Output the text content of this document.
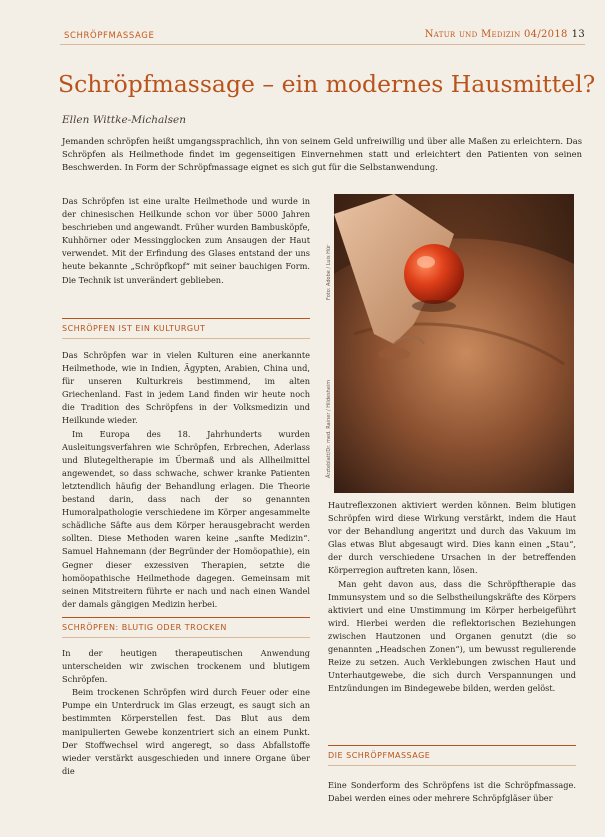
SCHRÖPFMASSAGE	Natur und Medizin 04/2018 13
Schröpfmassage – ein modernes Hausmittel?
Ellen Wittke-Michalsen
Jemanden schröpfen heißt umgangssprachlich, ihn von seinem Geld unfreiwillig und über alle Maßen zu erleichtern. Das Schröpfen als Heilmethode findet im gegenseitigen Einvernehmen statt und erleichtert den Patienten von seinen Beschwerden. In Form der Schröpfmassage eignet es sich gut für die Selbstanwendung.

Das Schröpfen ist eine uralte Heilmethode und wurde in der chinesischen Heilkunde schon vor über 5000 Jahren beschrieben und angewandt. Früher wurden Bambusköpfe, Kuhhörner oder Messingglocken zum Ansaugen der Haut verwendet. Mit der Erfindung des Glases entstand der uns heute bekannte „Schröpfkopf“ mit seiner bauchigen Form. Die Technik ist unverändert geblieben.

SCHRÖPFEN IST EIN KULTURGUT

Das Schröpfen war in vielen Kulturen eine anerkannte Heilmethode, wie in Indien, Ägypten, Arabien, China und, für unseren Kulturkreis bestimmend, im alten Griechenland. Fast in jedem Land finden wir heute noch die Tradition des Schröpfens in der Volksmedizin und Heilkunde wieder.

Im Europa des 18. Jahrhunderts wurden Ausleitungsverfahren wie Schröpfen, Erbrechen, Aderlass und Blutegeltherapie im Übermaß und als Allheilmittel angewendet, so dass schwache, schwer kranke Patienten letztendlich häufig der Behandlung erlagen. Die Theorie bestand darin, dass nach der so genannten Humoralpathologie verschiedene im Körper angesammelte schädliche Säfte aus dem Körper herausgebracht werden sollten. Diese Methoden waren keine „sanfte Medizin“. Samuel Hahnemann (der Begründer der Homöopathie), ein Gegner dieser exzessiven Therapien, setzte die homöopathische Heilmethode dagegen. Gemeinsam mit seinen Mitstreitern führte er nach und nach einen Wandel der damals gängigen Medizin herbei.

SCHRÖPFEN: BLUTIG ODER TROCKEN

In der heutigen therapeutischen Anwendung unterscheiden wir zwischen trockenem und blutigem Schröpfen.

Beim trockenen Schröpfen wird durch Feuer oder eine Pumpe ein Unterdruck im Glas erzeugt, es saugt sich an bestimmten Körperstellen fest. Das Blut aus dem manipulierten Gewebe konzentriert sich an einem Punkt. Der Stoffwechsel wird angeregt, so dass Abfallstoffe wieder verstärkt ausgeschieden und innere Organe über die

Foto: Adobe / Luis Hür
Ärzteblatt/Dr. med. Rainer / Hildesheim

Hautreflexzonen aktiviert werden können. Beim blutigen Schröpfen wird diese Wirkung verstärkt, indem die Haut vor der Behandlung angeritzt und durch das Vakuum im Glas etwas Blut abgesaugt wird. Dies kann einen „Stau“, der durch verschiedene Ursachen in der betreffenden Körperregion auftreten kann, lösen.

Man geht davon aus, dass die Schröpftherapie das Immunsystem und so die Selbstheilungskräfte des Körpers aktiviert und eine Umstimmung im Körper herbeigeführt wird. Hierbei werden die reflektorischen Beziehungen zwischen Hautzonen und Organen genutzt (die so genannten „Headschen Zonen“), um bewusst regulierende Reize zu setzen. Auch Verklebungen zwischen Haut und Unterhautgewebe, die sich durch Verspannungen und Entzündungen im Bindegewebe bilden, werden gelöst.

DIE SCHRÖPFMASSAGE

Eine Sonderform des Schröpfens ist die Schröpfmassage. Dabei werden eines oder mehrere Schröpfgläser über
